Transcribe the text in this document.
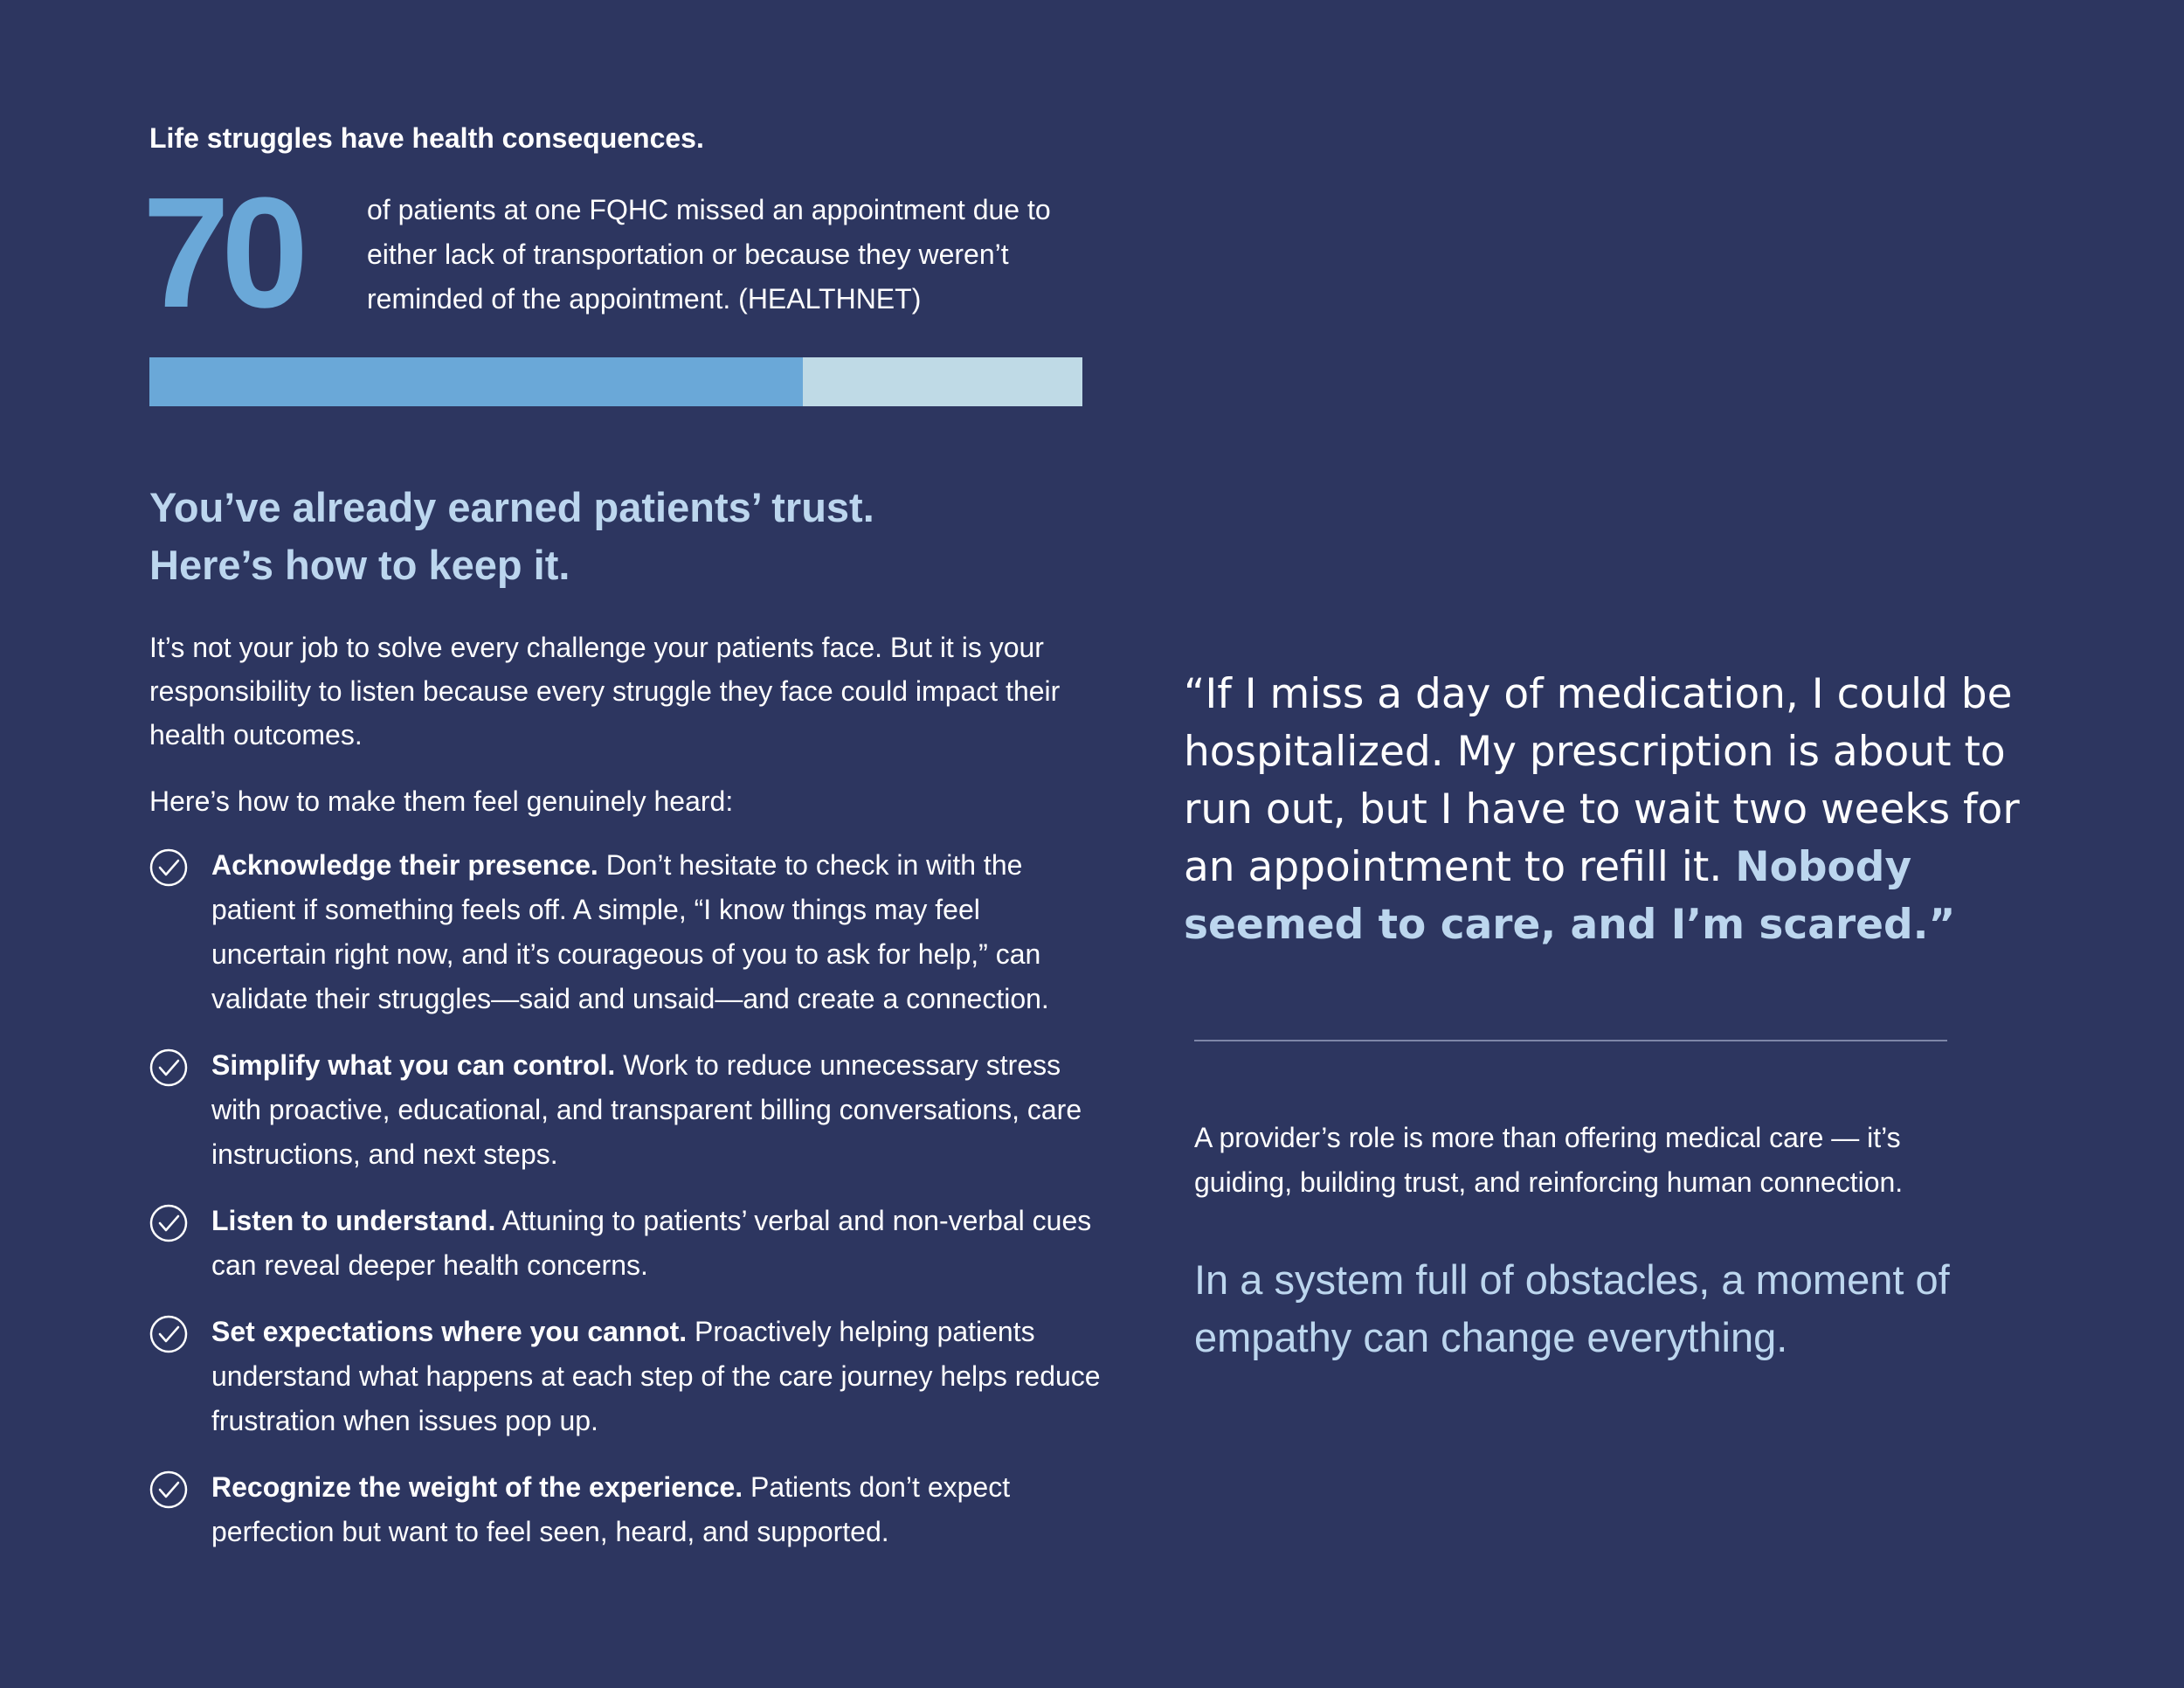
Life struggles have health consequences.
70 of patients at one FQHC missed an appointment due to either lack of transportation or because they weren’t reminded of the appointment. (HEALTHNET)

You’ve already earned patients’ trust.
Here’s how to keep it.

It’s not your job to solve every challenge your patients face. But it is your responsibility to listen because every struggle they face could impact their health outcomes.

Here’s how to make them feel genuinely heard:

Acknowledge their presence. Don’t hesitate to check in with the patient if something feels off. A simple, “I know things may feel uncertain right now, and it’s courageous of you to ask for help,” can validate their struggles—said and unsaid—and create a connection.
Simplify what you can control. Work to reduce unnecessary stress with proactive, educational, and transparent billing conversations, care instructions, and next steps.
Listen to understand. Attuning to patients’ verbal and non-verbal cues can reveal deeper health concerns.
Set expectations where you cannot. Proactively helping patients understand what happens at each step of the care journey helps reduce frustration when issues pop up.
Recognize the weight of the experience. Patients don’t expect perfection but want to feel seen, heard, and supported.
“If I miss a day of medication, I could be hospitalized. My prescription is about to run out, but I have to wait two weeks for an appointment to refill it. Nobody seemed to care, and I’m scared.”

A provider’s role is more than offering medical care — it’s guiding, building trust, and reinforcing human connection.

In a system full of obstacles, a moment of empathy can change everything.
